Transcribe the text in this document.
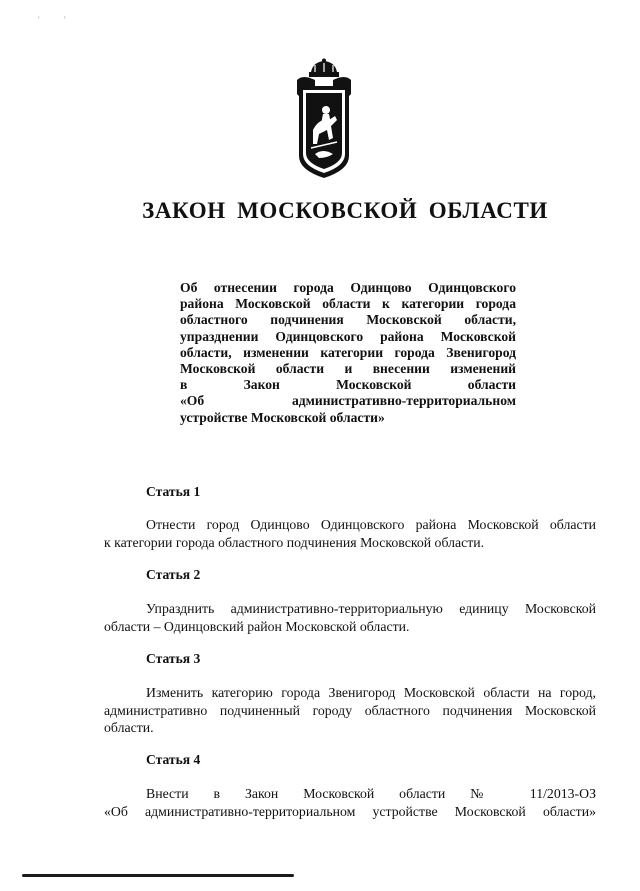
'	'
ЗАКОН МОСКОВСКОЙ ОБЛАСТИ
Об отнесении города Одинцово Одинцовского
района Московской области к категории города
областного подчинения Московской области,
упразднении Одинцовского района Московской
области, изменении категории города Звенигород
Московской области и внесении изменений
в Закон Московской области
«Об административно-территориальном
устройстве Московской области»
Статья 1
Отнести город Одинцово Одинцовского района Московской области
к категории города областного подчинения Московской области.
Статья 2
Упразднить административно-территориальную единицу Московской
области – Одинцовский район Московской области.
Статья 3
Изменить категорию города Звенигород Московской области на город,
административно подчиненный городу областного подчинения Московской
области.
Статья 4
Внести в Закон Московской области № 11/2013-ОЗ
«Об административно-территориальном устройстве Московской области»
